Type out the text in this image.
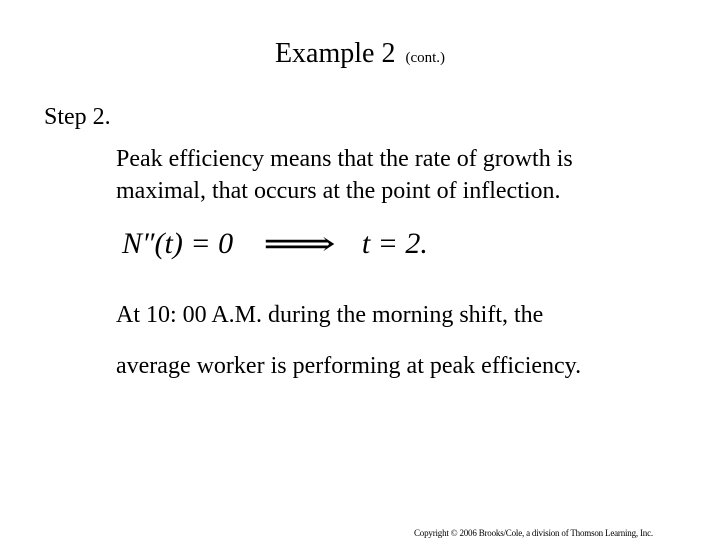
Example 2 (cont.)
Step 2.
Peak efficiency means that the rate of growth is
maximal, that occurs at the point of inflection.
N″(t) = 0 ⟹ t = 2.
At 10: 00 A.M. during the morning shift, the
average worker is performing at peak efficiency.
Copyright © 2006 Brooks/Cole, a division of Thomson Learning, Inc.
